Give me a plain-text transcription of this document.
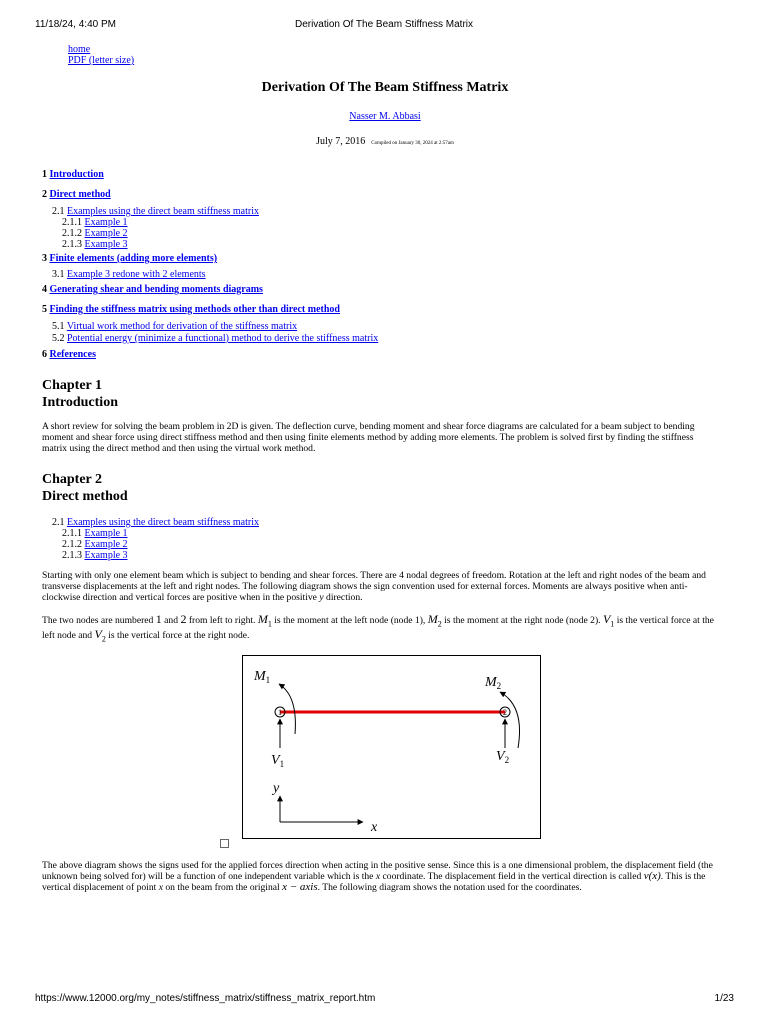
11/18/24, 4:40 PM	Derivation Of The Beam Stiffness Matrix
home
PDF (letter size)
Derivation Of The Beam Stiffness Matrix
Nasser M. Abbasi
July 7, 2016 Compiled on January 30, 2024 at 2:57am
1 Introduction
2 Direct method
2.1 Examples using the direct beam stiffness matrix
2.1.1 Example 1
2.1.2 Example 2
2.1.3 Example 3
3 Finite elements (adding more elements)
3.1 Example 3 redone with 2 elements
4 Generating shear and bending moments diagrams
5 Finding the stiffness matrix using methods other than direct method
5.1 Virtual work method for derivation of the stiffness matrix
5.2 Potential energy (minimize a functional) method to derive the stiffness matrix
6 References
Chapter 1
Introduction
A short review for solving the beam problem in 2D is given. The deflection curve, bending moment and shear force diagrams are calculated for a beam subject to bending moment and shear force using direct stiffness method and then using finite elements method by adding more elements. The problem is solved first by finding the stiffness matrix using the direct method and then using the virtual work method.
Chapter 2
Direct method
2.1 Examples using the direct beam stiffness matrix
2.1.1 Example 1
2.1.2 Example 2
2.1.3 Example 3
Starting with only one element beam which is subject to bending and shear forces. There are 4 nodal degrees of freedom. Rotation at the left and right nodes of the beam and transverse displacements at the left and right nodes. The following diagram shows the sign convention used for external forces. Moments are always positive when anti-clockwise direction and vertical forces are positive when in the positive y direction.
The two nodes are numbered 1 and 2 from left to right. $M_1$ is the moment at the left node (node 1), $M_2$ is the moment at the right node (node 2). $V_1$ is the vertical force at the left node and $V_2$ is the vertical force at the right node.
1	2
$M_1$	$M_2$
$V_1$	$V_2$
y
x
The above diagram shows the signs used for the applied forces direction when acting in the positive sense. Since this is a one dimensional problem, the displacement field (the unknown being solved for) will be a function of one independent variable which is the x coordinate. The displacement field in the vertical direction is called v(x). This is the vertical displacement of point x on the beam from the original x − axis. The following diagram shows the notation used for the coordinates.
https://www.12000.org/my_notes/stiffness_matrix/stiffness_matrix_report.htm	1/23
